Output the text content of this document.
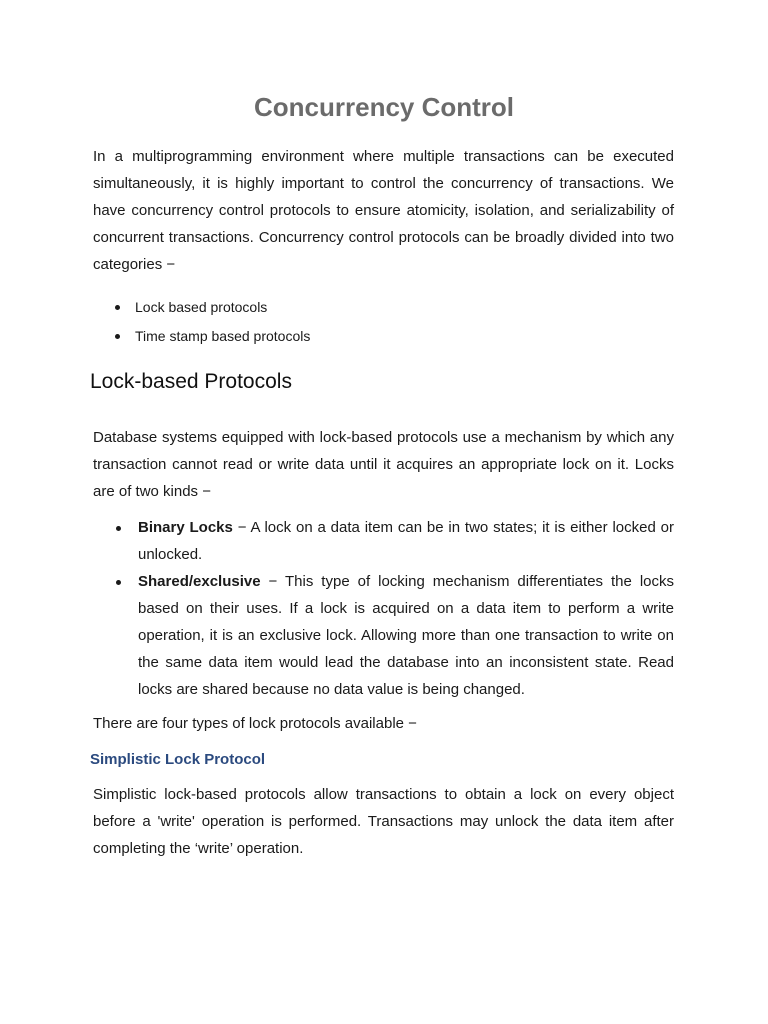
Concurrency Control

In a multiprogramming environment where multiple transactions can be executed simultaneously, it is highly important to control the concurrency of transactions. We have concurrency control protocols to ensure atomicity, isolation, and serializability of concurrent transactions. Concurrency control protocols can be broadly divided into two categories −

Lock based protocols
Time stamp based protocols
Lock-based Protocols

Database systems equipped with lock-based protocols use a mechanism by which any transaction cannot read or write data until it acquires an appropriate lock on it. Locks are of two kinds −

Binary Locks − A lock on a data item can be in two states; it is either locked or unlocked.
Shared/exclusive − This type of locking mechanism differentiates the locks based on their uses. If a lock is acquired on a data item to perform a write operation, it is an exclusive lock. Allowing more than one transaction to write on the same data item would lead the database into an inconsistent state. Read locks are shared because no data value is being changed.

There are four types of lock protocols available −

Simplistic Lock Protocol

Simplistic lock-based protocols allow transactions to obtain a lock on every object before a 'write' operation is performed. Transactions may unlock the data item after completing the ‘write’ operation.
